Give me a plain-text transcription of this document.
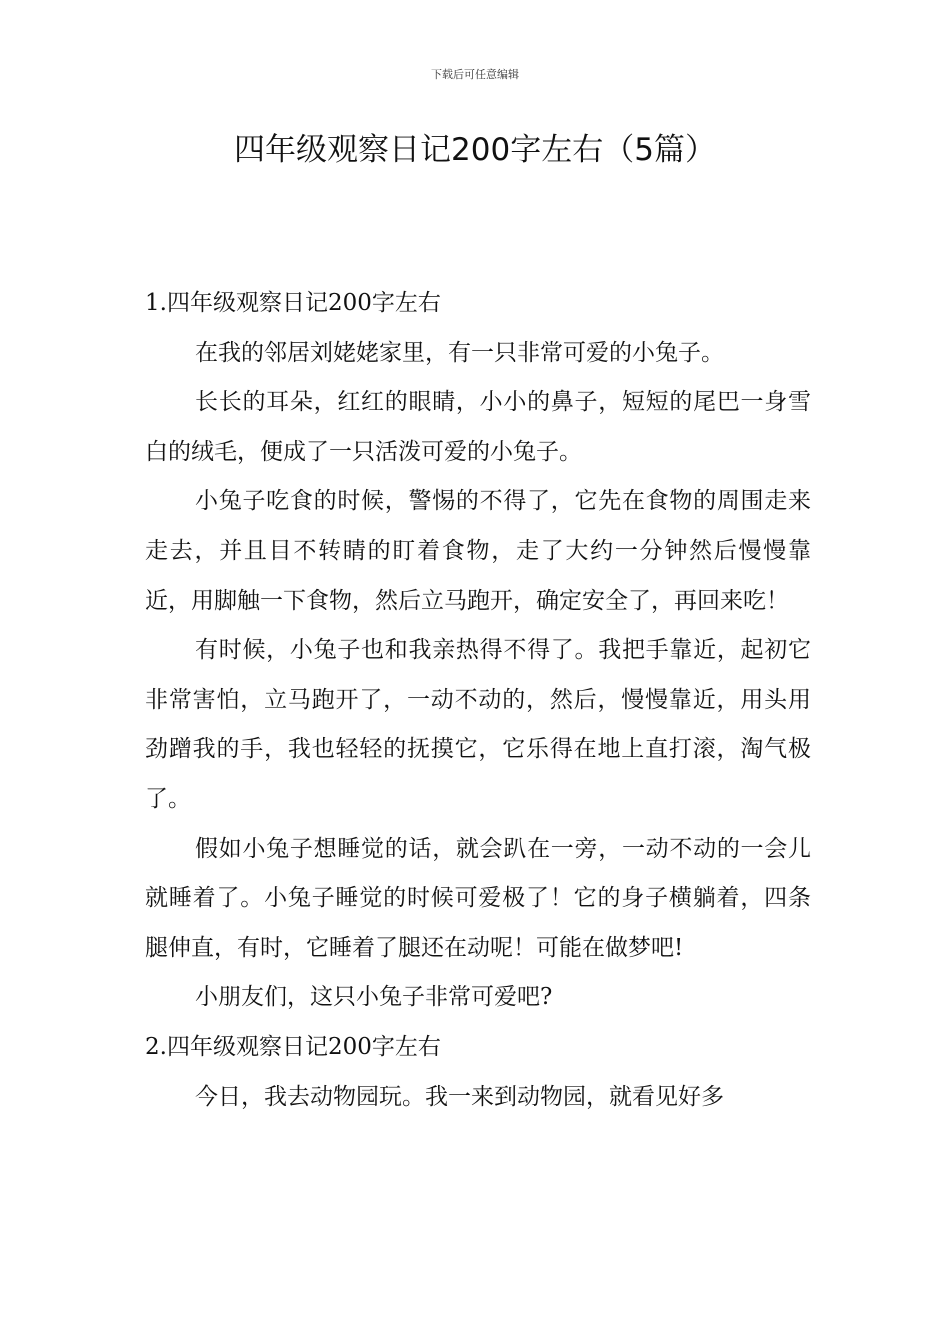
下载后可任意编辑
四年级观察日记200字左右（5篇）
1.四年级观察日记200字左右

在我的邻居刘姥姥家里，有一只非常可爱的小兔子。

长长的耳朵，红红的眼睛，小小的鼻子，短短的尾巴一身雪白的绒毛，便成了一只活泼可爱的小兔子。

小兔子吃食的时候，警惕的不得了，它先在食物的周围走来走去，并且目不转睛的盯着食物，走了大约一分钟然后慢慢靠近，用脚触一下食物，然后立马跑开，确定安全了，再回来吃！

有时候，小兔子也和我亲热得不得了。我把手靠近，起初它非常害怕，立马跑开了，一动不动的，然后，慢慢靠近，用头用劲蹭我的手，我也轻轻的抚摸它，它乐得在地上直打滚，淘气极了。

假如小兔子想睡觉的话，就会趴在一旁，一动不动的一会儿就睡着了。小兔子睡觉的时候可爱极了！它的身子横躺着，四条腿伸直，有时，它睡着了腿还在动呢！可能在做梦吧!

小朋友们，这只小兔子非常可爱吧?

2.四年级观察日记200字左右

今日，我去动物园玩。我一来到动物园，就看见好多
